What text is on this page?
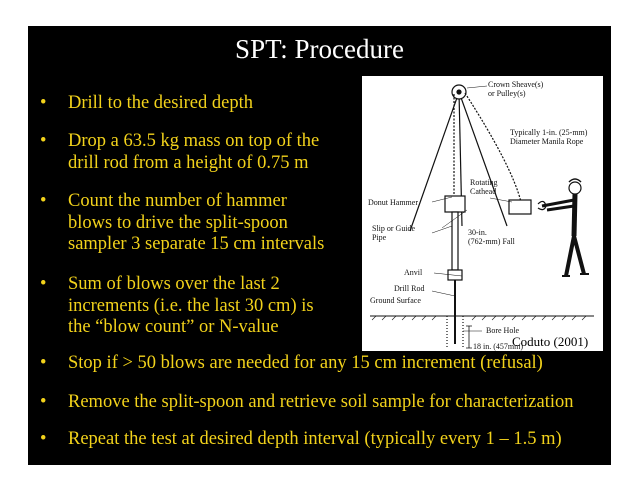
SPT: Procedure
• Drill to the desired depth
• Drop a 63.5 kg mass on top of the
drill rod from a height of 0.75 m
• Count the number of hammer
blows to drive the split-spoon
sampler 3 separate 15 cm intervals
• Sum of blows over the last 2
increments (i.e. the last 30 cm) is
the “blow count” or N-value
• Stop if > 50 blows are needed for any 15 cm increment (refusal)
• Remove the split-spoon and retrieve soil sample for characterization
• Repeat the test at desired depth interval (typically every 1 – 1.5 m)
Crown Sheave(s)
or Pulley(s)
Typically 1-in. (25-mm)
Diameter Manila Rope
Rotating
Cathead
Donut Hammer
Slip or Guide
Pipe
30-in.
(762-mm) Fall
Anvil
Drill Rod
Ground Surface
Bore Hole
18 in. (457mm)
Coduto (2001)
